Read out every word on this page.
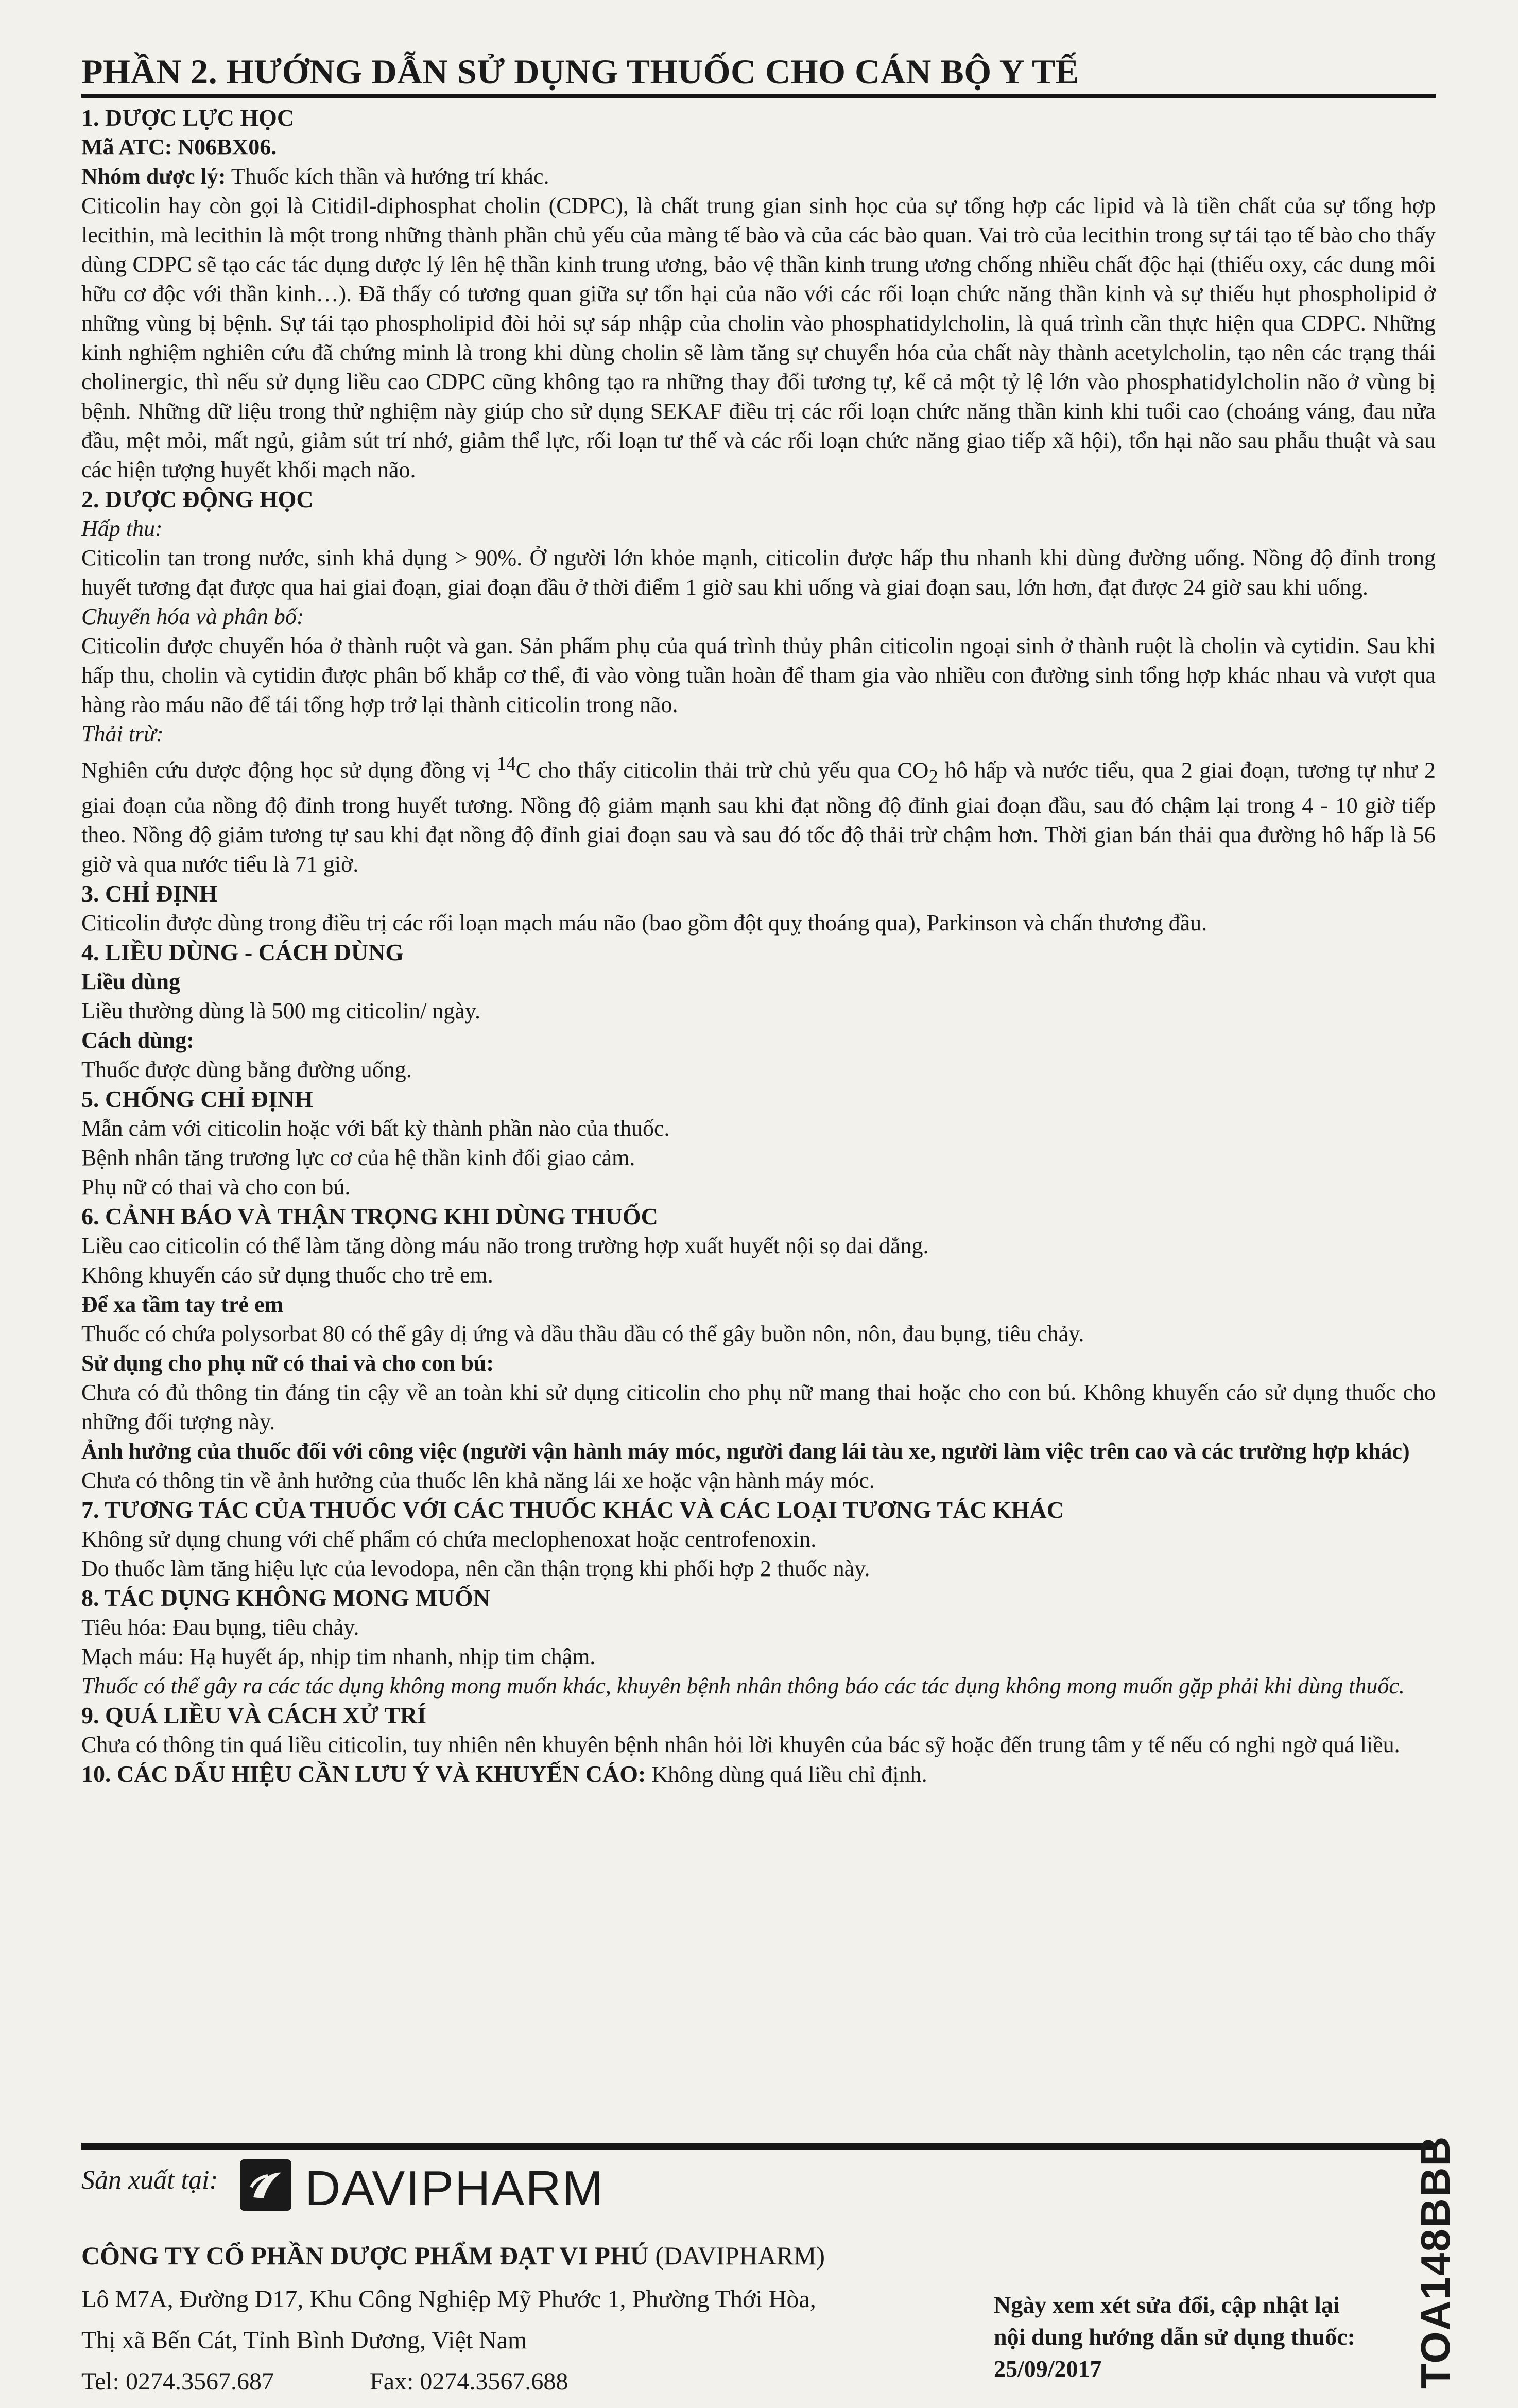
PHẦN 2. HƯỚNG DẪN SỬ DỤNG THUỐC CHO CÁN BỘ Y TẾ

1. DƯỢC LỰC HỌC

Mã ATC: N06BX06.

Nhóm dược lý: Thuốc kích thần và hướng trí khác.

Citicolin hay còn gọi là Citidil-diphosphat cholin (CDPC), là chất trung gian sinh học của sự tổng hợp các lipid và là tiền chất của sự tổng hợp lecithin, mà lecithin là một trong những thành phần chủ yếu của màng tế bào và của các bào quan. Vai trò của lecithin trong sự tái tạo tế bào cho thấy dùng CDPC sẽ tạo các tác dụng dược lý lên hệ thần kinh trung ương, bảo vệ thần kinh trung ương chống nhiều chất độc hại (thiếu oxy, các dung môi hữu cơ độc với thần kinh…). Đã thấy có tương quan giữa sự tổn hại của não với các rối loạn chức năng thần kinh và sự thiếu hụt phospholipid ở những vùng bị bệnh. Sự tái tạo phospholipid đòi hỏi sự sáp nhập của cholin vào phosphatidylcholin, là quá trình cần thực hiện qua CDPC. Những kinh nghiệm nghiên cứu đã chứng minh là trong khi dùng cholin sẽ làm tăng sự chuyển hóa của chất này thành acetylcholin, tạo nên các trạng thái cholinergic, thì nếu sử dụng liều cao CDPC cũng không tạo ra những thay đổi tương tự, kể cả một tỷ lệ lớn vào phosphatidylcholin não ở vùng bị bệnh. Những dữ liệu trong thử nghiệm này giúp cho sử dụng SEKAF điều trị các rối loạn chức năng thần kinh khi tuổi cao (choáng váng, đau nửa đầu, mệt mỏi, mất ngủ, giảm sút trí nhớ, giảm thể lực, rối loạn tư thế và các rối loạn chức năng giao tiếp xã hội), tổn hại não sau phẫu thuật và sau các hiện tượng huyết khối mạch não.

2. DƯỢC ĐỘNG HỌC

Hấp thu:

Citicolin tan trong nước, sinh khả dụng > 90%. Ở người lớn khỏe mạnh, citicolin được hấp thu nhanh khi dùng đường uống. Nồng độ đỉnh trong huyết tương đạt được qua hai giai đoạn, giai đoạn đầu ở thời điểm 1 giờ sau khi uống và giai đoạn sau, lớn hơn, đạt được 24 giờ sau khi uống.

Chuyển hóa và phân bố:

Citicolin được chuyển hóa ở thành ruột và gan. Sản phẩm phụ của quá trình thủy phân citicolin ngoại sinh ở thành ruột là cholin và cytidin. Sau khi hấp thu, cholin và cytidin được phân bố khắp cơ thể, đi vào vòng tuần hoàn để tham gia vào nhiều con đường sinh tổng hợp khác nhau và vượt qua hàng rào máu não để tái tổng hợp trở lại thành citicolin trong não.

Thải trừ:

Nghiên cứu dược động học sử dụng đồng vị $^{14}$C cho thấy citicolin thải trừ chủ yếu qua $CO_2$ hô hấp và nước tiểu, qua 2 giai đoạn, tương tự như 2 giai đoạn của nồng độ đỉnh trong huyết tương. Nồng độ giảm mạnh sau khi đạt nồng độ đỉnh giai đoạn đầu, sau đó chậm lại trong 4 - 10 giờ tiếp theo. Nồng độ giảm tương tự sau khi đạt nồng độ đỉnh giai đoạn sau và sau đó tốc độ thải trừ chậm hơn. Thời gian bán thải qua đường hô hấp là 56 giờ và qua nước tiểu là 71 giờ.

3. CHỈ ĐỊNH

Citicolin được dùng trong điều trị các rối loạn mạch máu não (bao gồm đột quỵ thoáng qua), Parkinson và chấn thương đầu.

4. LIỀU DÙNG - CÁCH DÙNG

Liều dùng

Liều thường dùng là 500 mg citicolin/ ngày.

Cách dùng:

Thuốc được dùng bằng đường uống.

5. CHỐNG CHỈ ĐỊNH

Mẫn cảm với citicolin hoặc với bất kỳ thành phần nào của thuốc.

Bệnh nhân tăng trương lực cơ của hệ thần kinh đối giao cảm.

Phụ nữ có thai và cho con bú.

6. CẢNH BÁO VÀ THẬN TRỌNG KHI DÙNG THUỐC

Liều cao citicolin có thể làm tăng dòng máu não trong trường hợp xuất huyết nội sọ dai dẳng.

Không khuyến cáo sử dụng thuốc cho trẻ em.

Để xa tầm tay trẻ em

Thuốc có chứa polysorbat 80 có thể gây dị ứng và dầu thầu dầu có thể gây buồn nôn, nôn, đau bụng, tiêu chảy.

Sử dụng cho phụ nữ có thai và cho con bú:

Chưa có đủ thông tin đáng tin cậy về an toàn khi sử dụng citicolin cho phụ nữ mang thai hoặc cho con bú. Không khuyến cáo sử dụng thuốc cho những đối tượng này.

Ảnh hưởng của thuốc đối với công việc (người vận hành máy móc, người đang lái tàu xe, người làm việc trên cao và các trường hợp khác)

Chưa có thông tin về ảnh hưởng của thuốc lên khả năng lái xe hoặc vận hành máy móc.

7. TƯƠNG TÁC CỦA THUỐC VỚI CÁC THUỐC KHÁC VÀ CÁC LOẠI TƯƠNG TÁC KHÁC

Không sử dụng chung với chế phẩm có chứa meclophenoxat hoặc centrofenoxin.

Do thuốc làm tăng hiệu lực của levodopa, nên cần thận trọng khi phối hợp 2 thuốc này.

8. TÁC DỤNG KHÔNG MONG MUỐN

Tiêu hóa: Đau bụng, tiêu chảy.

Mạch máu: Hạ huyết áp, nhịp tim nhanh, nhịp tim chậm.

Thuốc có thể gây ra các tác dụng không mong muốn khác, khuyên bệnh nhân thông báo các tác dụng không mong muốn gặp phải khi dùng thuốc.

9. QUÁ LIỀU VÀ CÁCH XỬ TRÍ

Chưa có thông tin quá liều citicolin, tuy nhiên nên khuyên bệnh nhân hỏi lời khuyên của bác sỹ hoặc đến trung tâm y tế nếu có nghi ngờ quá liều.

10. CÁC DẤU HIỆU CẦN LƯU Ý VÀ KHUYẾN CÁO: Không dùng quá liều chỉ định.

Sản xuất tại: DAVIPHARM
CÔNG TY CỔ PHẦN DƯỢC PHẨM ĐẠT VI PHÚ (DAVIPHARM)
Lô M7A, Đường D17, Khu Công Nghiệp Mỹ Phước 1, Phường Thới Hòa,
Thị xã Bến Cát, Tỉnh Bình Dương, Việt Nam
Tel: 0274.3567.687	Fax: 0274.3567.688
Ngày xem xét sửa đổi, cập nhật lại
nội dung hướng dẫn sử dụng thuốc:
25/09/2017	TOA148BBB
